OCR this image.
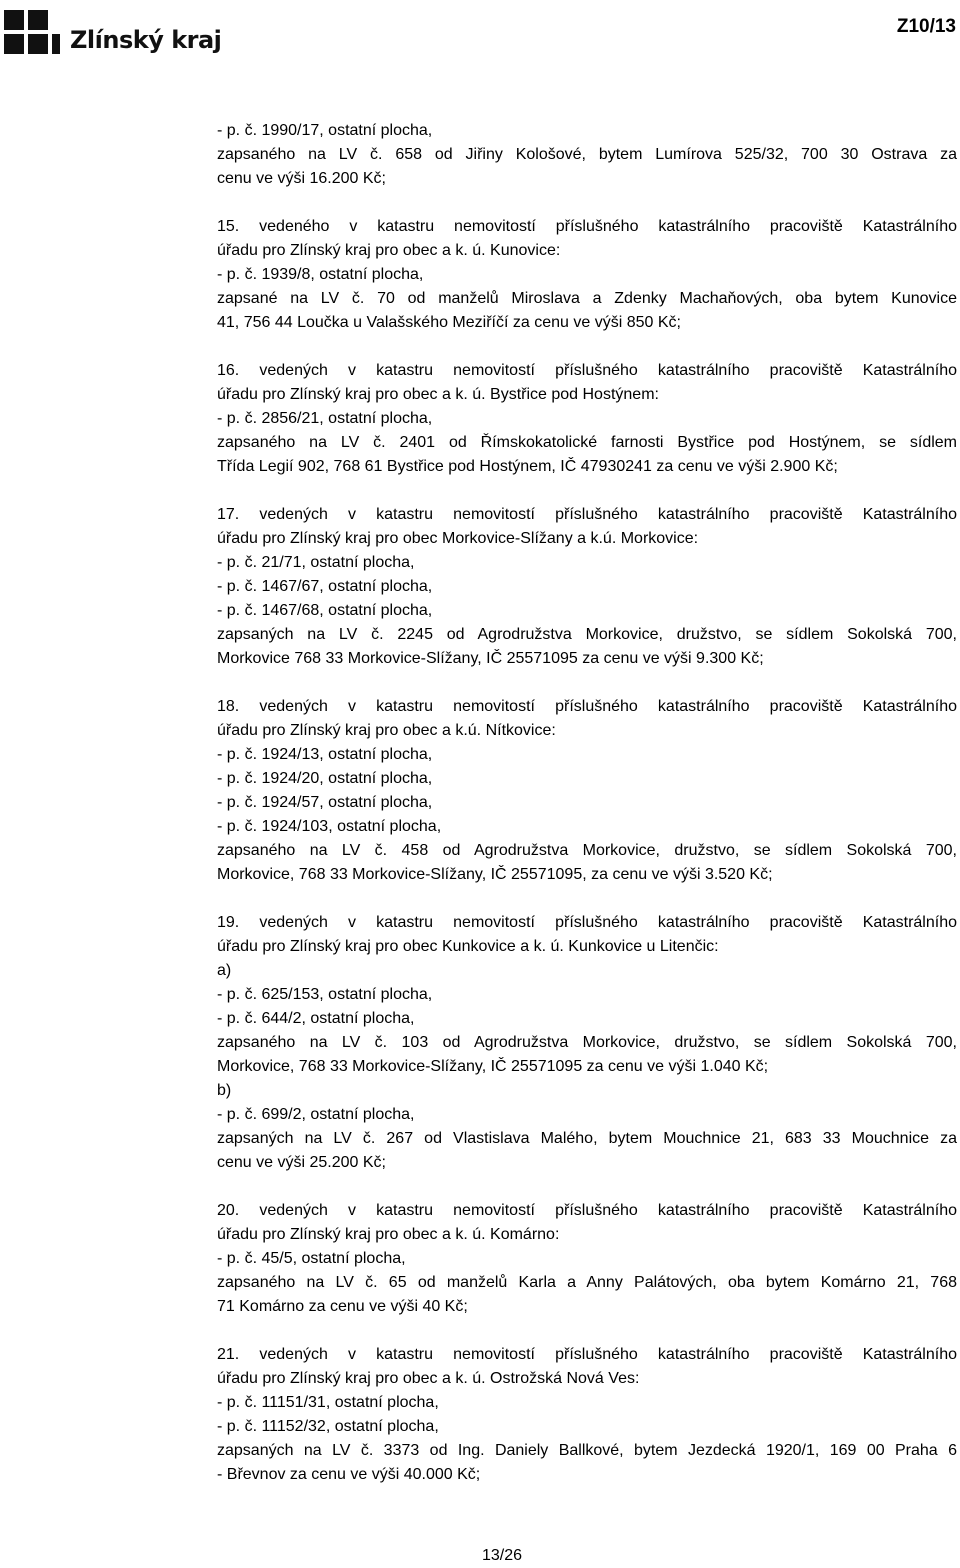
Zlínský kraj	Z10/13
- p. č. 1990/17, ostatní plocha,
zapsaného na LV č. 658 od Jiřiny Kološové, bytem Lumírova 525/32, 700 30 Ostrava za
cenu ve výši 16.200 Kč;
15. vedeného v katastru nemovitostí příslušného katastrálního pracoviště Katastrálního
úřadu pro Zlínský kraj pro obec a k. ú. Kunovice:
- p. č. 1939/8, ostatní plocha,
zapsané na LV č. 70 od manželů Miroslava a Zdenky Machaňových, oba bytem Kunovice
41, 756 44 Loučka u Valašského Meziříčí za cenu ve výši 850 Kč;
16. vedených v katastru nemovitostí příslušného katastrálního pracoviště Katastrálního
úřadu pro Zlínský kraj pro obec a k. ú. Bystřice pod Hostýnem:
- p. č. 2856/21, ostatní plocha,
zapsaného na LV č. 2401 od Římskokatolické farnosti Bystřice pod Hostýnem, se sídlem
Třída Legií 902, 768 61 Bystřice pod Hostýnem, IČ 47930241 za cenu ve výši 2.900 Kč;
17. vedených v katastru nemovitostí příslušného katastrálního pracoviště Katastrálního
úřadu pro Zlínský kraj pro obec Morkovice-Slížany a k.ú. Morkovice:
- p. č. 21/71, ostatní plocha,
- p. č. 1467/67, ostatní plocha,
- p. č. 1467/68, ostatní plocha,
zapsaných na LV č. 2245 od Agrodružstva Morkovice, družstvo, se sídlem Sokolská 700,
Morkovice 768 33 Morkovice-Slížany, IČ 25571095 za cenu ve výši 9.300 Kč;
18. vedených v katastru nemovitostí příslušného katastrálního pracoviště Katastrálního
úřadu pro Zlínský kraj pro obec a k.ú. Nítkovice:
- p. č. 1924/13, ostatní plocha,
- p. č. 1924/20, ostatní plocha,
- p. č. 1924/57, ostatní plocha,
- p. č. 1924/103, ostatní plocha,
zapsaného na LV č. 458 od Agrodružstva Morkovice, družstvo, se sídlem Sokolská 700,
Morkovice, 768 33 Morkovice-Slížany, IČ 25571095, za cenu ve výši 3.520 Kč;
19. vedených v katastru nemovitostí příslušného katastrálního pracoviště Katastrálního
úřadu pro Zlínský kraj pro obec Kunkovice a k. ú. Kunkovice u Litenčic:
a)
- p. č. 625/153, ostatní plocha,
- p. č. 644/2, ostatní plocha,
zapsaného na LV č. 103 od Agrodružstva Morkovice, družstvo, se sídlem Sokolská 700,
Morkovice, 768 33 Morkovice-Slížany, IČ 25571095 za cenu ve výši 1.040 Kč;
b)
- p. č. 699/2, ostatní plocha,
zapsaných na LV č. 267 od Vlastislava Malého, bytem Mouchnice 21, 683 33 Mouchnice za
cenu ve výši 25.200 Kč;
20. vedených v katastru nemovitostí příslušného katastrálního pracoviště Katastrálního
úřadu pro Zlínský kraj pro obec a k. ú. Komárno:
- p. č. 45/5, ostatní plocha,
zapsaného na LV č. 65 od manželů Karla a Anny Palátových, oba bytem Komárno 21, 768
71 Komárno za cenu ve výši 40 Kč;
21. vedených v katastru nemovitostí příslušného katastrálního pracoviště Katastrálního
úřadu pro Zlínský kraj pro obec a k. ú. Ostrožská Nová Ves:
- p. č. 11151/31, ostatní plocha,
- p. č. 11152/32, ostatní plocha,
zapsaných na LV č. 3373 od Ing. Daniely Ballkové, bytem Jezdecká 1920/1, 169 00 Praha 6
- Břevnov za cenu ve výši 40.000 Kč;
13/26
